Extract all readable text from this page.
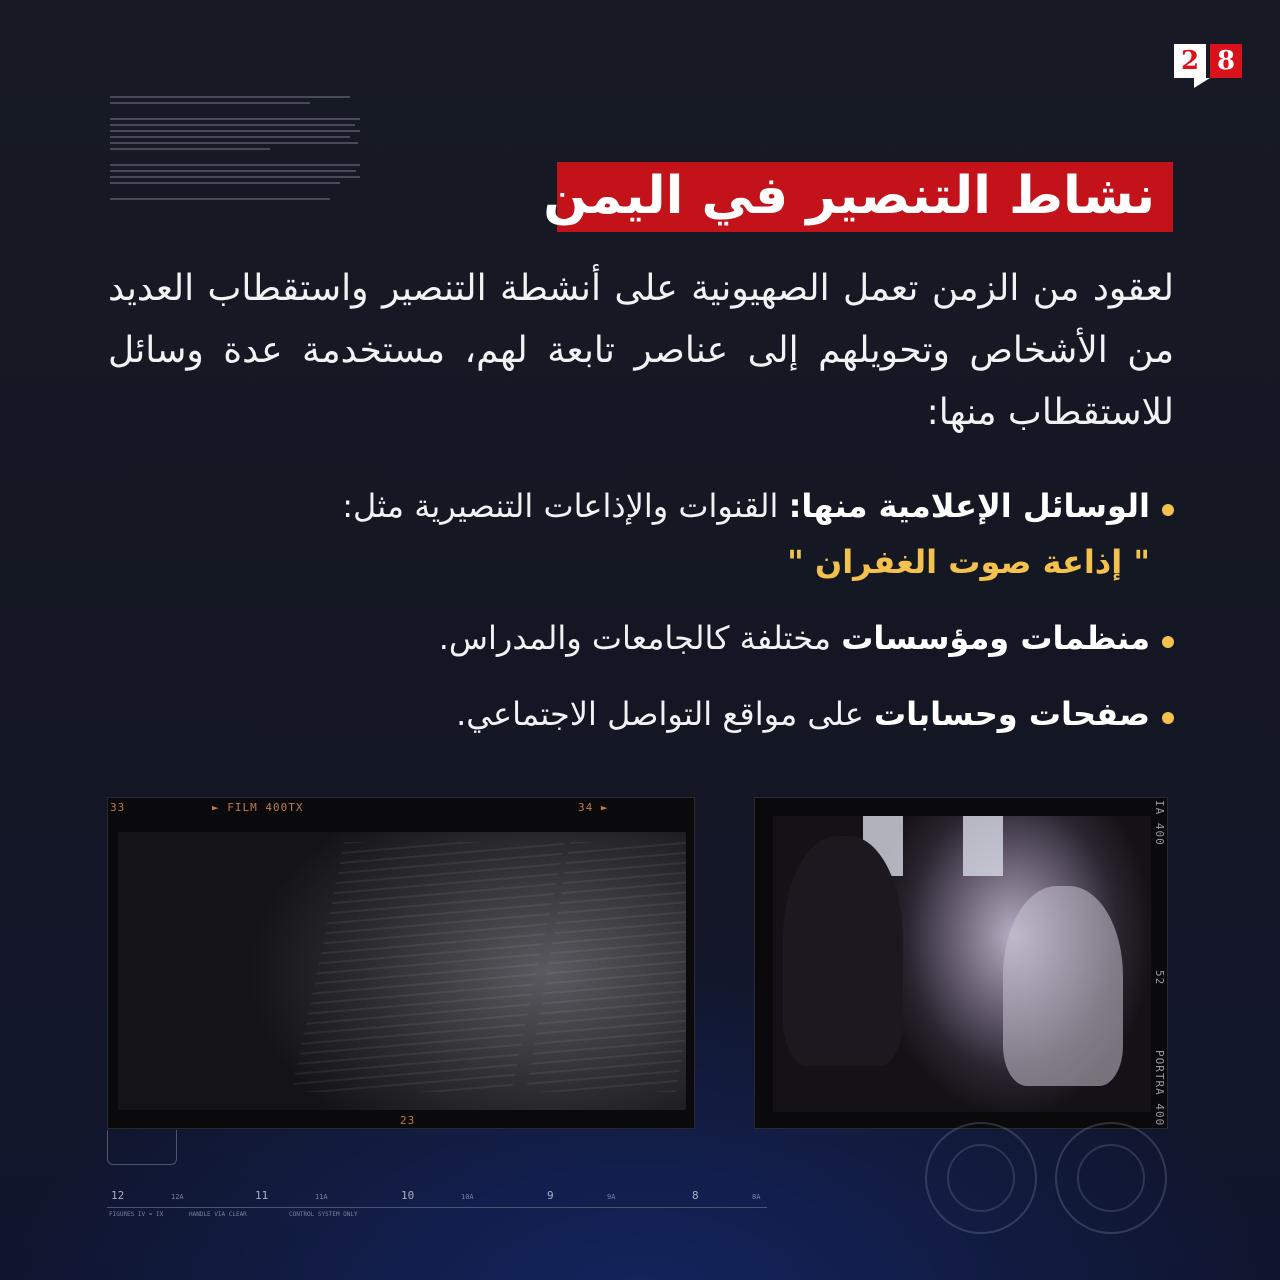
2 8
نشاط التنصير في اليمن
لعقود من الزمن تعمل الصهيونية على أنشطة التنصير واستقطاب العديد من الأشخاص وتحويلهم إلى عناصر تابعة لهم، مستخدمة عدة وسائل للاستقطاب منها:
الوسائل الإعلامية منها: القنوات والإذاعات التنصيرية مثل:
" إذاعة صوت الغفران "
منظمات ومؤسسات مختلفة كالجامعات والمدراس.
صفحات وحسابات على مواقع التواصل الاجتماعي.
33	► FILM 400TX	34 ►
23
IA 400
52
PORTRA 400
12	12A	11	11A	10	10A	9	9A	8	8A
FIGURES IV = IX	HANDLE VIA CLEAR	CONTROL SYSTEM ONLY
